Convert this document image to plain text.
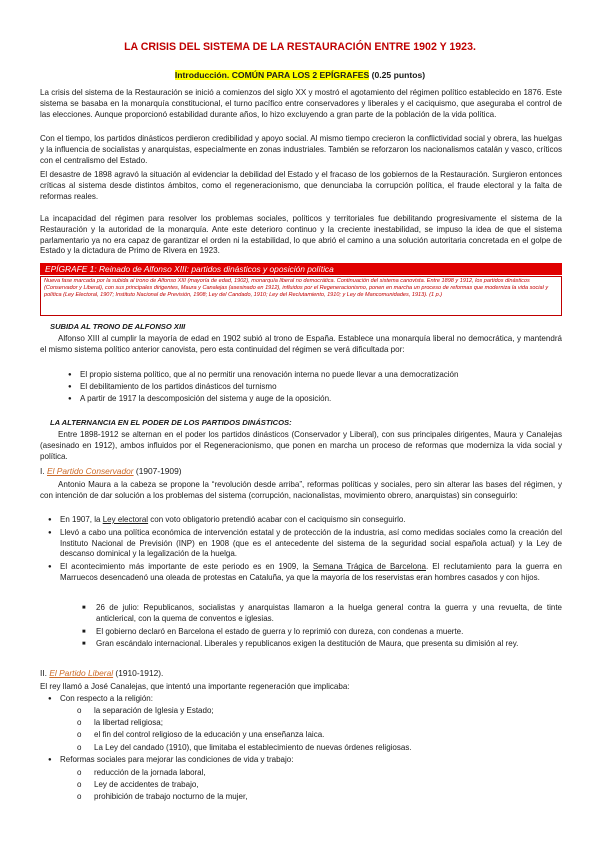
LA CRISIS DEL SISTEMA DE LA RESTAURACIÓN ENTRE 1902 Y 1923.
Introducción. COMÚN PARA LOS 2 EPÍGRAFES (0.25 puntos)

La crisis del sistema de la Restauración se inició a comienzos del siglo XX y mostró el agotamiento del régimen político establecido en 1876. Este sistema se basaba en la monarquía constitucional, el turno pacífico entre conservadores y liberales y el caciquismo, que aseguraba el control de las elecciones. Aunque proporcionó estabilidad durante años, lo hizo excluyendo a gran parte de la población de la vida política.

Con el tiempo, los partidos dinásticos perdieron credibilidad y apoyo social. Al mismo tiempo crecieron la conflictividad social y obrera, las huelgas y la influencia de socialistas y anarquistas, especialmente en zonas industriales. También se reforzaron los nacionalismos catalán y vasco, críticos con el centralismo del Estado.

El desastre de 1898 agravó la situación al evidenciar la debilidad del Estado y el fracaso de los gobiernos de la Restauración. Surgieron entonces críticas al sistema desde distintos ámbitos, como el regeneracionismo, que denunciaba la corrupción política, el fraude electoral y la falta de reformas reales.

La incapacidad del régimen para resolver los problemas sociales, políticos y territoriales fue debilitando progresivamente el sistema de la Restauración y la autoridad de la monarquía. Ante este deterioro continuo y la creciente inestabilidad, se impuso la idea de que el sistema parlamentario ya no era capaz de garantizar el orden ni la estabilidad, lo que abrió el camino a una solución autoritaria concretada en el golpe de Estado y la dictadura de Primo de Rivera en 1923.

EPÍGRAFE 1: Reinado de Alfonso XIII: partidos dinásticos y oposición política
Nueva fase marcada por la subida al trono de Alfonso XIII (mayoría de edad, 1902), monarquía liberal no democrática. Continuación del sistema canovista. Entre 1898 y 1912, los partidos dinásticos (Conservador y Liberal), con sus principales dirigentes, Maura y Canalejas (asesinado en 1912), influidos por el Regeneracionismo, ponen en marcha un proceso de reformas que moderniza la vida social y política (Ley Electoral, 1907; Instituto Nacional de Previsión, 1908; Ley del Candado, 1910; Ley del Reclutamiento, 1910; y Ley de Mancomunidades, 1913). (1 p.)
SUBIDA AL TRONO DE ALFONSO XIII

Alfonso XIII al cumplir la mayoría de edad en 1902 subió al trono de España. Establece una monarquía liberal no democrática, y mantendrá el mismo sistema político anterior canovista, pero esta continuidad del régimen se verá dificultada por:

● El propio sistema político, que al no permitir una renovación interna no puede llevar a una democratización
● El debilitamiento de los partidos dinásticos del turnismo
● A partir de 1917 la descomposición del sistema y auge de la oposición.
LA ALTERNANCIA EN EL PODER DE LOS PARTIDOS DINÁSTICOS:

Entre 1898-1912 se alternan en el poder los partidos dinásticos (Conservador y Liberal), con sus principales dirigentes, Maura y Canalejas (asesinado en 1912), ambos influidos por el Regeneracionismo, que ponen en marcha un proceso de reformas que moderniza la vida social y política.

I. El Partido Conservador (1907-1909)

Antonio Maura a la cabeza se propone la “revolución desde arriba”, reformas políticas y sociales, pero sin alterar las bases del régimen, y con intención de dar solución a los problemas del sistema (corrupción, nacionalistas, movimiento obrero, anarquistas) sin conseguirlo:

● En 1907, la Ley electoral con voto obligatorio pretendió acabar con el caciquismo sin conseguirlo.
● Llevó a cabo una política económica de intervención estatal y de protección de la industria, así como medidas sociales como la creación del Instituto Nacional de Previsión (INP) en 1908 (que es el antecedente del sistema de la seguridad social española actual) y la Ley de descanso dominical y la legalización de la huelga.
● El acontecimiento más importante de este periodo es en 1909, la Semana Trágica de Barcelona. El reclutamiento para la guerra en Marruecos desencadenó una oleada de protestas en Cataluña, ya que la mayoría de los reservistas eran hombres casados y con hijos.
■ 26 de julio: Republicanos, socialistas y anarquistas llamaron a la huelga general contra la guerra y una revuelta, de tinte anticlerical, con la quema de conventos e iglesias.
■ El gobierno declaró en Barcelona el estado de guerra y lo reprimió con dureza, con condenas a muerte.
■ Gran escándalo internacional. Liberales y republicanos exigen la destitución de Maura, que presenta su dimisión al rey.
II. El Partido Liberal (1910-1912).

El rey llamó a José Canalejas, que intentó una importante regeneración que implicaba:

● Con respecto a la religión:
o la separación de Iglesia y Estado;
o la libertad religiosa;
o el fin del control religioso de la educación y una enseñanza laica.
o La Ley del candado (1910), que limitaba el establecimiento de nuevas órdenes religiosas.
● Reformas sociales para mejorar las condiciones de vida y trabajo:
o reducción de la jornada laboral,
o Ley de accidentes de trabajo,
o prohibición de trabajo nocturno de la mujer,
